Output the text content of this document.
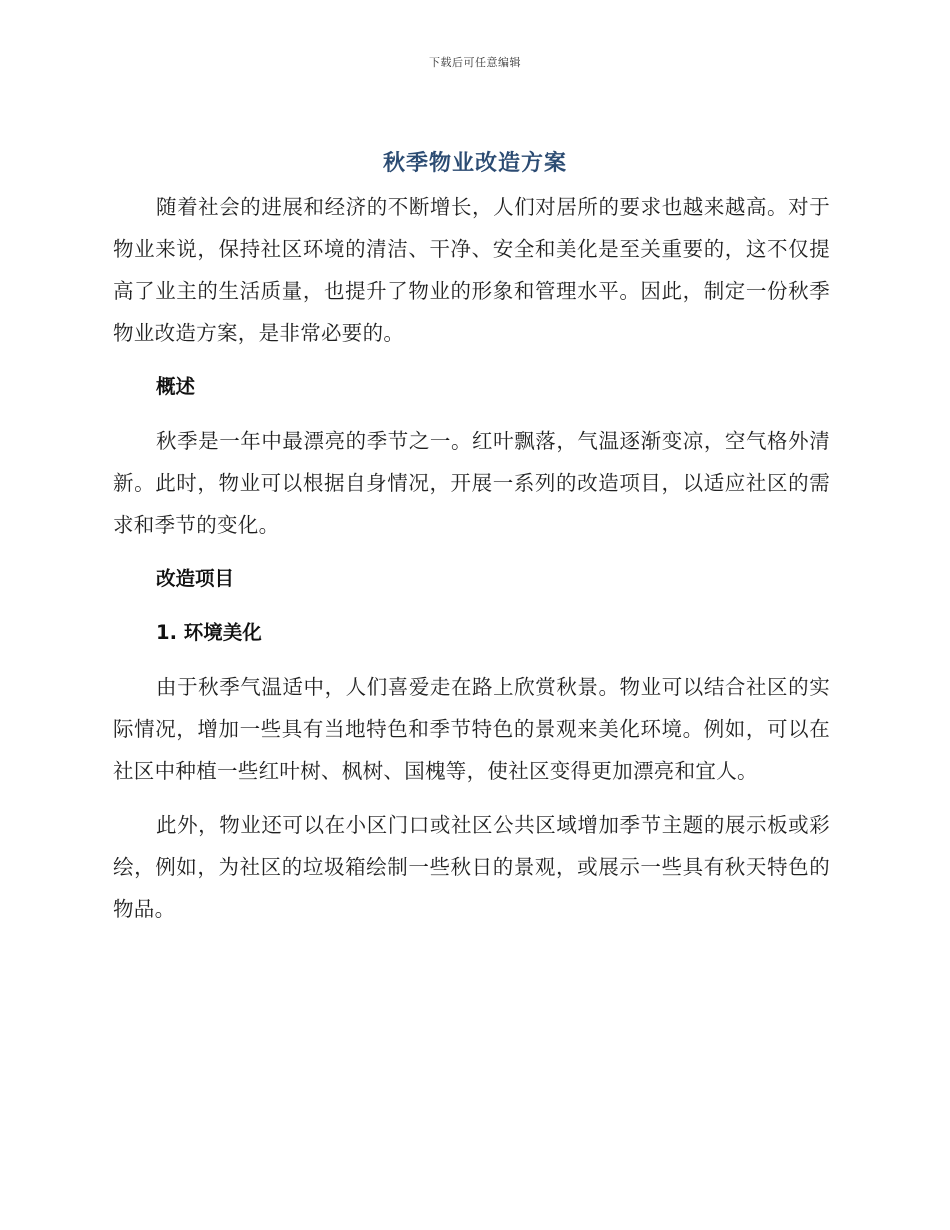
下载后可任意编辑
秋季物业改造方案

随着社会的进展和经济的不断增长，人们对居所的要求也越来越高。对于物业来说，保持社区环境的清洁、干净、安全和美化是至关重要的，这不仅提高了业主的生活质量，也提升了物业的形象和管理水平。因此，制定一份秋季物业改造方案，是非常必要的。

概述

秋季是一年中最漂亮的季节之一。红叶飘落，气温逐渐变凉，空气格外清新。此时，物业可以根据自身情况，开展一系列的改造项目，以适应社区的需求和季节的变化。

改造项目
1. 环境美化

由于秋季气温适中，人们喜爱走在路上欣赏秋景。物业可以结合社区的实际情况，增加一些具有当地特色和季节特色的景观来美化环境。例如，可以在社区中种植一些红叶树、枫树、国槐等，使社区变得更加漂亮和宜人。

此外，物业还可以在小区门口或社区公共区域增加季节主题的展示板或彩绘，例如，为社区的垃圾箱绘制一些秋日的景观，或展示一些具有秋天特色的物品。
